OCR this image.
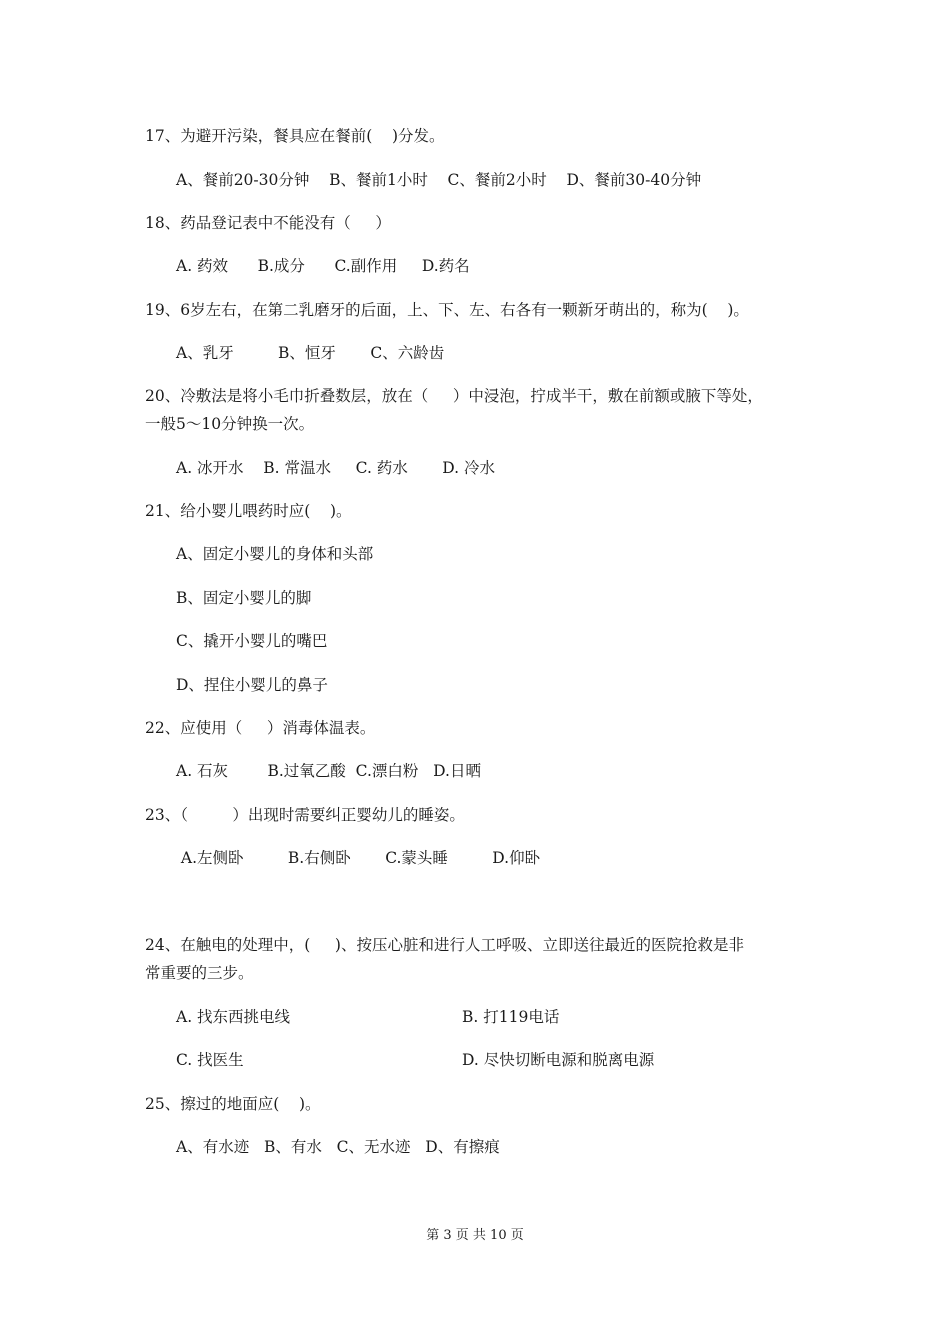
17、为避开污染，餐具应在餐前(    )分发。
A、餐前20-30分钟    B、餐前1小时    C、餐前2小时    D、餐前30-40分钟
18、药品登记表中不能没有（     ）
A. 药效      B.成分      C.副作用     D.药名
19、6岁左右，在第二乳磨牙的后面，上、下、左、右各有一颗新牙萌出的，称为(    )。
A、乳牙         B、恒牙       C、六龄齿
20、冷敷法是将小毛巾折叠数层，放在（     ）中浸泡，拧成半干，敷在前额或腋下等处，
一般5～10分钟换一次。
A. 冰开水    B. 常温水     C. 药水       D. 冷水
21、给小婴儿喂药时应(    )。
A、固定小婴儿的身体和头部
B、固定小婴儿的脚
C、撬开小婴儿的嘴巴
D、捏住小婴儿的鼻子
22、应使用（     ）消毒体温表。
A. 石灰        B.过氧乙酸  C.漂白粉   D.日晒
23、（         ）出现时需要纠正婴幼儿的睡姿。
A.左侧卧         B.右侧卧       C.蒙头睡         D.仰卧
24、在触电的处理中，(     )、按压心脏和进行人工呼吸、立即送往最近的医院抢救是非
常重要的三步。
A. 找东西挑电线	B. 打119电话
C. 找医生	D. 尽快切断电源和脱离电源
25、擦过的地面应(    )。
A、有水迹   B、有水   C、无水迹   D、有擦痕
第 3 页 共 10 页
